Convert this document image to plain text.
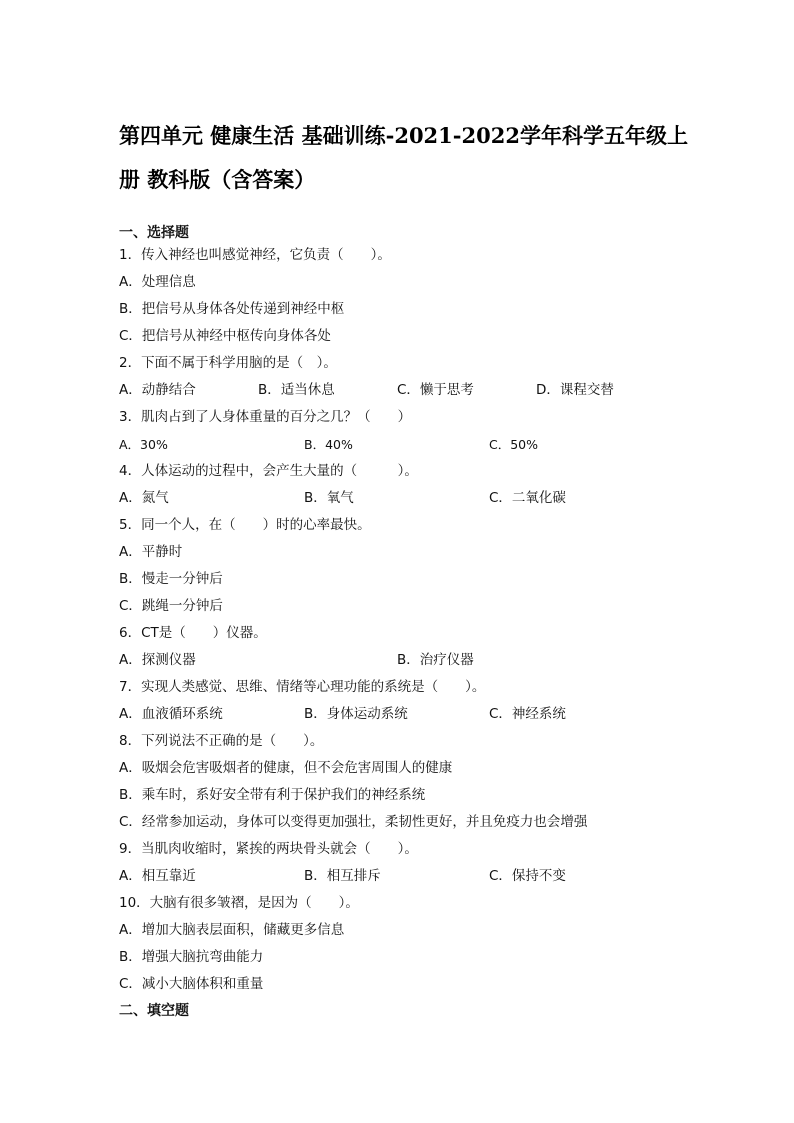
第四单元 健康生活 基础训练-2021-2022学年科学五年级上
册 教科版（含答案）
一、选择题
1．传入神经也叫感觉神经，它负责（　　）。
A．处理信息
B．把信号从身体各处传递到神经中枢
C．把信号从神经中枢传向身体各处
2．下面不属于科学用脑的是（　）。
A．动静结合	B．适当休息	C．懒于思考	D．课程交替
3．肌肉占到了人身体重量的百分之几？（　　）
A．30%	B．40%	C．50%
4．人体运动的过程中，会产生大量的（　　　）。
A．氮气	B．氧气	C．二氧化碳
5．同一个人，在（　　）时的心率最快。
A．平静时
B．慢走一分钟后
C．跳绳一分钟后
6．CT是（　　）仪器。
A．探测仪器	B．治疗仪器
7．实现人类感觉、思维、情绪等心理功能的系统是（　　）。
A．血液循环系统	B．身体运动系统	C．神经系统
8．下列说法不正确的是（　　）。
A．吸烟会危害吸烟者的健康，但不会危害周围人的健康
B．乘车时，系好安全带有利于保护我们的神经系统
C．经常参加运动，身体可以变得更加强壮，柔韧性更好，并且免疫力也会增强
9．当肌肉收缩时，紧挨的两块骨头就会（　　）。
A．相互靠近	B．相互排斥	C．保持不变
10．大脑有很多皱褶，是因为（　　）。
A．增加大脑表层面积，储藏更多信息
B．增强大脑抗弯曲能力
C．减小大脑体积和重量
二、填空题
